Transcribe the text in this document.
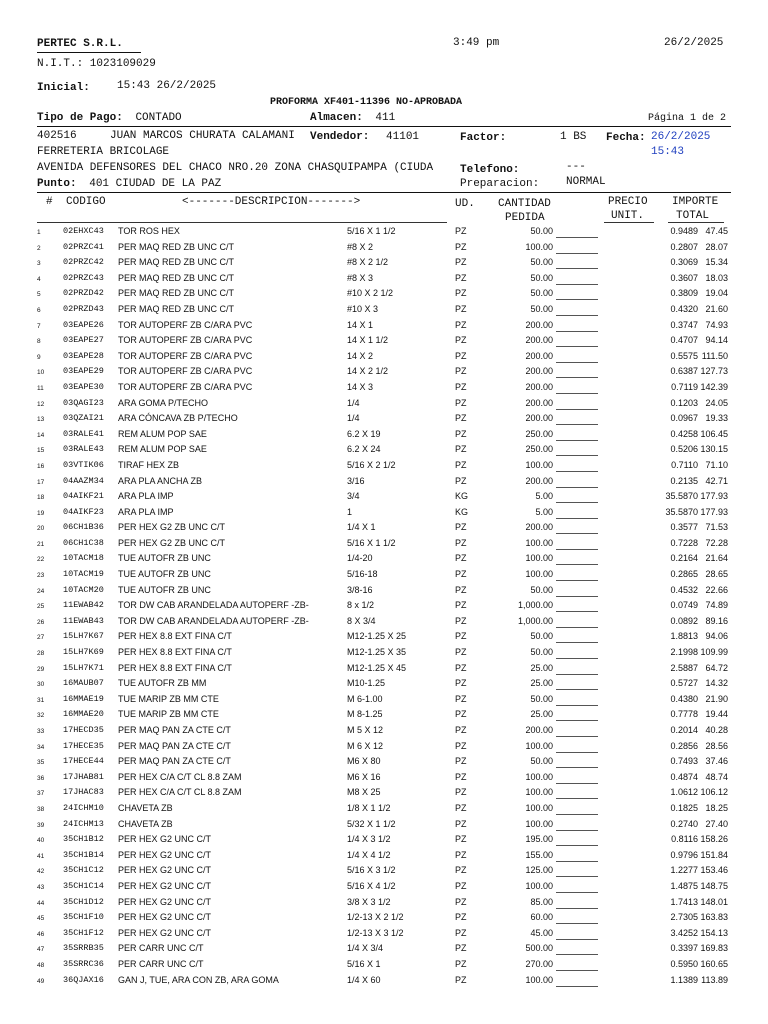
PERTEC S.R.L.	3:49 pm	26/2/2025
N.I.T.: 1023109029
Inicial: 15:43 26/2/2025
PROFORMA XF401-11396 NO-APROBADA
Tipo de Pago: CONTADO	Almacen: 411	Página 1 de 2
402516	JUAN MARCOS CHURATA CALAMANI Vendedor: 41101	Factor:	1 BS Fecha: 26/2/2025
15:43
FERRETERIA BRICOLAGE
AVENIDA DEFENSORES DEL CHACO NRO.20 ZONA CHASQUIPAMPA (CIUDA	Telefono:	---
Punto: 401 CIUDAD DE LA PAZ	Preparacion: NORMAL
# CODIGO	<-------DESCRIPCION------->	UD. CANTIDAD
PEDIDA
PRECIO
UNIT.
IMPORTE
TOTAL
1	02EHXC43 TOR ROS HEX	5/16 X 1 1/2	PZ	50.00	0.9489 47.45
2	02PRZC41 PER MAQ RED ZB UNC C/T	#8 X 2	PZ	100.00	0.2807 28.07
3	02PRZC42 PER MAQ RED ZB UNC C/T	#8 X 2 1/2	PZ	50.00	0.3069 15.34
4	02PRZC43 PER MAQ RED ZB UNC C/T	#8 X 3	PZ	50.00	0.3607 18.03
5	02PRZD42 PER MAQ RED ZB UNC C/T	#10 X 2 1/2	PZ	50.00	0.3809 19.04
6	02PRZD43 PER MAQ RED ZB UNC C/T	#10 X 3	PZ	50.00	0.4320 21.60
7	03EAPE26 TOR AUTOPERF ZB C/ARA PVC	14 X 1	PZ	200.00	0.3747 74.93
8	03EAPE27 TOR AUTOPERF ZB C/ARA PVC	14 X 1 1/2	PZ	200.00	0.4707 94.14
9	03EAPE28 TOR AUTOPERF ZB C/ARA PVC	14 X 2	PZ	200.00	0.5575 111.50
10	03EAPE29 TOR AUTOPERF ZB C/ARA PVC	14 X 2 1/2	PZ	200.00	0.6387 127.73
11	03EAPE30 TOR AUTOPERF ZB C/ARA PVC	14 X 3	PZ	200.00	0.7119 142.39
12	03QAGI23 ARA GOMA P/TECHO	1/4	PZ	200.00	0.1203 24.05
13	03QZAI21 ARA CÓNCAVA ZB P/TECHO	1/4	PZ	200.00	0.0967 19.33
14	03RALE41 REM ALUM POP SAE	6.2 X 19	PZ	250.00	0.4258 106.45
15	03RALE43 REM ALUM POP SAE	6.2 X 24	PZ	250.00	0.5206 130.15
16	03VTIK06 TIRAF HEX ZB	5/16 X 2 1/2	PZ	100.00	0.7110 71.10
17	04AAZM34 ARA PLA ANCHA ZB	3/16	PZ	200.00	0.2135 42.71
18	04AIKF21 ARA PLA IMP	3/4	KG	5.00	35.5870 177.93
19	04AIKF23 ARA PLA IMP	1	KG	5.00	35.5870 177.93
20	06CH1B36 PER HEX G2 ZB UNC C/T	1/4 X 1	PZ	200.00	0.3577 71.53
21	06CH1C38 PER HEX G2 ZB UNC C/T	5/16 X 1 1/2	PZ	100.00	0.7228 72.28
22	10TACM18 TUE AUTOFR ZB UNC	1/4-20	PZ	100.00	0.2164 21.64
23	10TACM19 TUE AUTOFR ZB UNC	5/16-18	PZ	100.00	0.2865 28.65
24	10TACM20 TUE AUTOFR ZB UNC	3/8-16	PZ	50.00	0.4532 22.66
25	11EWAB42 TOR DW CAB ARANDELADA AUTOPERF -ZB-	8 x 1/2	PZ	1,000.00	0.0749 74.89
26	11EWAB43 TOR DW CAB ARANDELADA AUTOPERF -ZB-	8 X 3/4	PZ	1,000.00	0.0892 89.16
27	15LH7K67 PER HEX 8.8 EXT FINA C/T	M12-1.25 X 25	PZ	50.00	1.8813 94.06
28	15LH7K69 PER HEX 8.8 EXT FINA C/T	M12-1.25 X 35	PZ	50.00	2.1998 109.99
29	15LH7K71 PER HEX 8.8 EXT FINA C/T	M12-1.25 X 45	PZ	25.00	2.5887 64.72
30	16MAUB07 TUE AUTOFR ZB MM	M10-1.25	PZ	25.00	0.5727 14.32
31	16MMAE19 TUE MARIP ZB MM CTE	M 6-1.00	PZ	50.00	0.4380 21.90
32	16MMAE20 TUE MARIP ZB MM CTE	M 8-1.25	PZ	25.00	0.7778 19.44
33	17HECD35 PER MAQ PAN ZA CTE C/T	M 5 X 12	PZ	200.00	0.2014 40.28
34	17HECE35 PER MAQ PAN ZA CTE C/T	M 6 X 12	PZ	100.00	0.2856 28.56
35	17HECE44 PER MAQ PAN ZA CTE C/T	M6 X 80	PZ	50.00	0.7493 37.46
36	17JHAB81 PER HEX C/A C/T CL 8.8 ZAM	M6 X 16	PZ	100.00	0.4874 48.74
37	17JHAC83 PER HEX C/A C/T CL 8.8 ZAM	M8 X 25	PZ	100.00	1.0612 106.12
38	24ICHM10 CHAVETA ZB	1/8 X 1 1/2	PZ	100.00	0.1825 18.25
39	24ICHM13 CHAVETA ZB	5/32 X 1 1/2	PZ	100.00	0.2740 27.40
40	35CH1B12 PER HEX G2 UNC C/T	1/4 X 3 1/2	PZ	195.00	0.8116 158.26
41	35CH1B14 PER HEX G2 UNC C/T	1/4 X 4 1/2	PZ	155.00	0.9796 151.84
42	35CH1C12 PER HEX G2 UNC C/T	5/16 X 3 1/2	PZ	125.00	1.2277 153.46
43	35CH1C14 PER HEX G2 UNC C/T	5/16 X 4 1/2	PZ	100.00	1.4875 148.75
44	35CH1D12 PER HEX G2 UNC C/T	3/8 X 3 1/2	PZ	85.00	1.7413 148.01
45	35CH1F10 PER HEX G2 UNC C/T	1/2-13 X 2 1/2	PZ	60.00	2.7305 163.83
46	35CH1F12 PER HEX G2 UNC C/T	1/2-13 X 3 1/2	PZ	45.00	3.4252 154.13
47	35SRRB35 PER CARR UNC C/T	1/4 X 3/4	PZ	500.00	0.3397 169.83
48	35SRRC36 PER CARR UNC C/T	5/16 X 1	PZ	270.00	0.5950 160.65
49	36QJAX16 GAN J, TUE, ARA CON ZB, ARA GOMA	1/4 X 60	PZ	100.00	1.1389 113.89
